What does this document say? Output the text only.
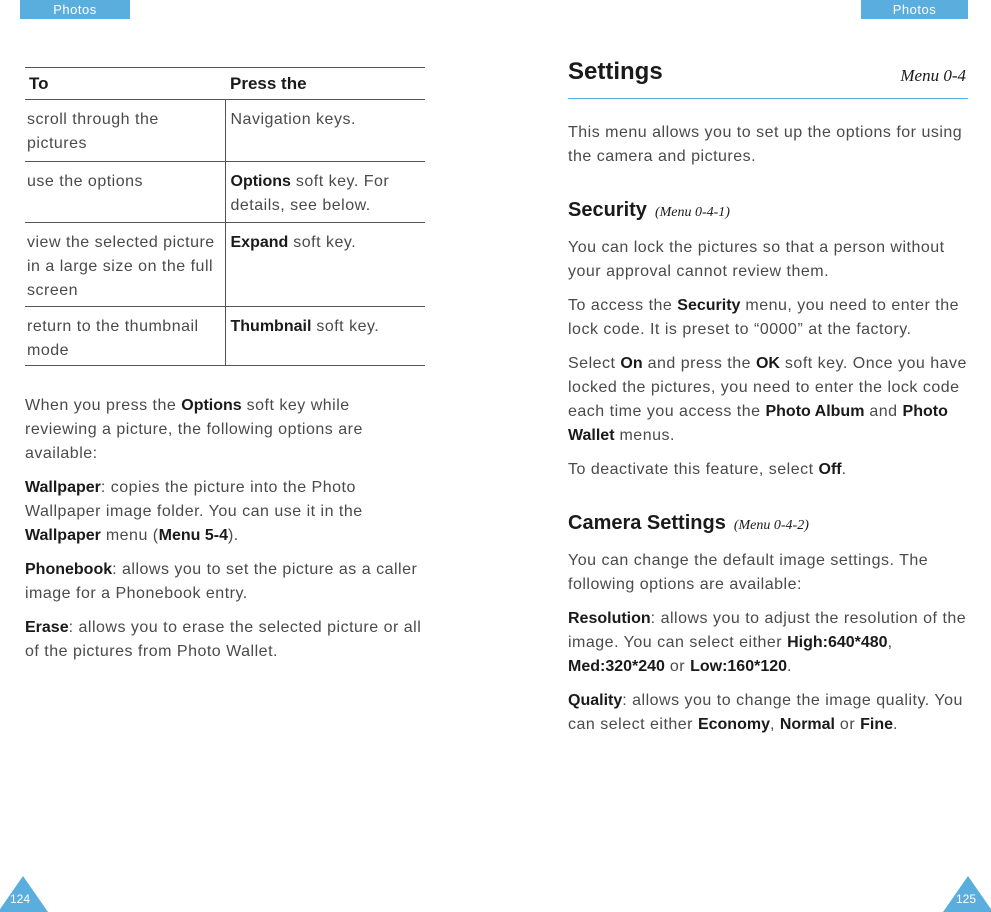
Photos	Photos
To	Press the
scroll through the pictures	Navigation keys.
use the options	Options soft key. For details, see below.
view the selected picture in a large size on the full screen	Expand soft key.
return to the thumbnail mode	Thumbnail soft key.

When you press the Options soft key while reviewing a picture, the following options are available:

Wallpaper: copies the picture into the Photo Wallpaper image folder. You can use it in the Wallpaper menu (Menu 5-4).

Phonebook: allows you to set the picture as a caller image for a Phonebook entry.

Erase: allows you to erase the selected picture or all of the pictures from Photo Wallet.

Settings	Menu 0-4

This menu allows you to set up the options for using the camera and pictures.

Security (Menu 0-4-1)

You can lock the pictures so that a person without your approval cannot review them.

To access the Security menu, you need to enter the lock code. It is preset to “0000” at the factory.

Select On and press the OK soft key. Once you have locked the pictures, you need to enter the lock code each time you access the Photo Album and Photo Wallet menus.

To deactivate this feature, select Off.

Camera Settings (Menu 0-4-2)

You can change the default image settings. The following options are available:

Resolution: allows you to adjust the resolution of the image. You can select either High:640*480,
Med:320*240 or Low:160*120.

Quality: allows you to change the image quality. You can select either Economy, Normal or Fine.

124	125
